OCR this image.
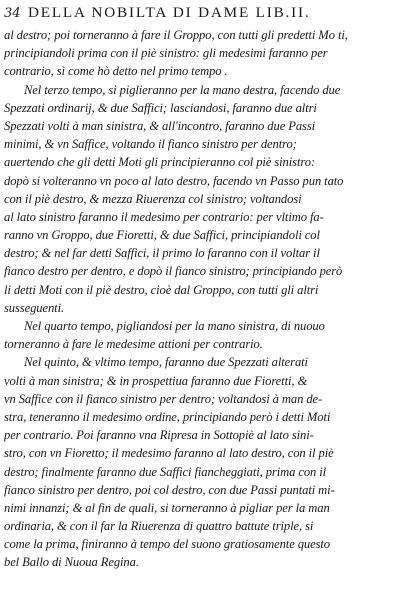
34 DELLA NOBILTA DI DAME LIB.II.
al destro; poi torneranno à fare il Groppo, con tutti gli predetti Mo ti,
principiandoli prima con il piè sinistro: gli medesimi faranno per
contrario, sì come hò detto nel primo tempo .
Nel terzo tempo, si piglieranno per la mano destra, facendo due
Spezzati ordinarij, & due Saffici; lasciandosi, faranno due altri
Spezzati volti à man sinistra, & all'incontro, faranno due Passi
minimi, & vn Saffice, voltando il fianco sinistro per dentro;
auertendo che gli detti Moti gli principieranno col piè sinistro:
dopò si volteranno vn poco al lato destro, facendo vn Passo pun tato
con il piè destro, & mezza Riuerenza col sinistro; voltandosi
al lato sinistro faranno il medesimo per contrario: per vltimo fa-
ranno vn Groppo, due Fioretti, & due Saffici, principiandoli col
destro; & nel far detti Saffici, il primo lo faranno con il voltar il
fianco destro per dentro, e dopò il fianco sinistro; principiando però
li detti Moti con il piè destro, cioè dal Groppo, con tutti gli altri
susseguenti.
Nel quarto tempo, pigliandosi per la mano sinistra, di nuouo
torneranno à fare le medesime attioni per contrario.
Nel quinto, & vltimo tempo, faranno due Spezzati alterati
volti à man sinistra; & in prospettiua faranno due Fioretti, &
vn Saffice con il fianco sinistro per dentro; voltandosi à man de-
stra, teneranno il medesimo ordine, principiando però i detti Moti
per contrario. Poi faranno vna Ripresa in Sottopiè al lato sini-
stro, con vn Fioretto; il medesimo faranno al lato destro, con il piè
destro; finalmente faranno due Saffici fiancheggiati, prima con il
fianco sinistro per dentro, poi col destro, con due Passi puntati mi-
nimi innanzi; & al fin de quali, si torneranno à pigliar per la man
ordinaria, & con il far la Riuerenza di quattro battute triple, si
come la prima, finiranno à tempo del suono gratiosamente questo
bel Ballo di Nuoua Regina.
